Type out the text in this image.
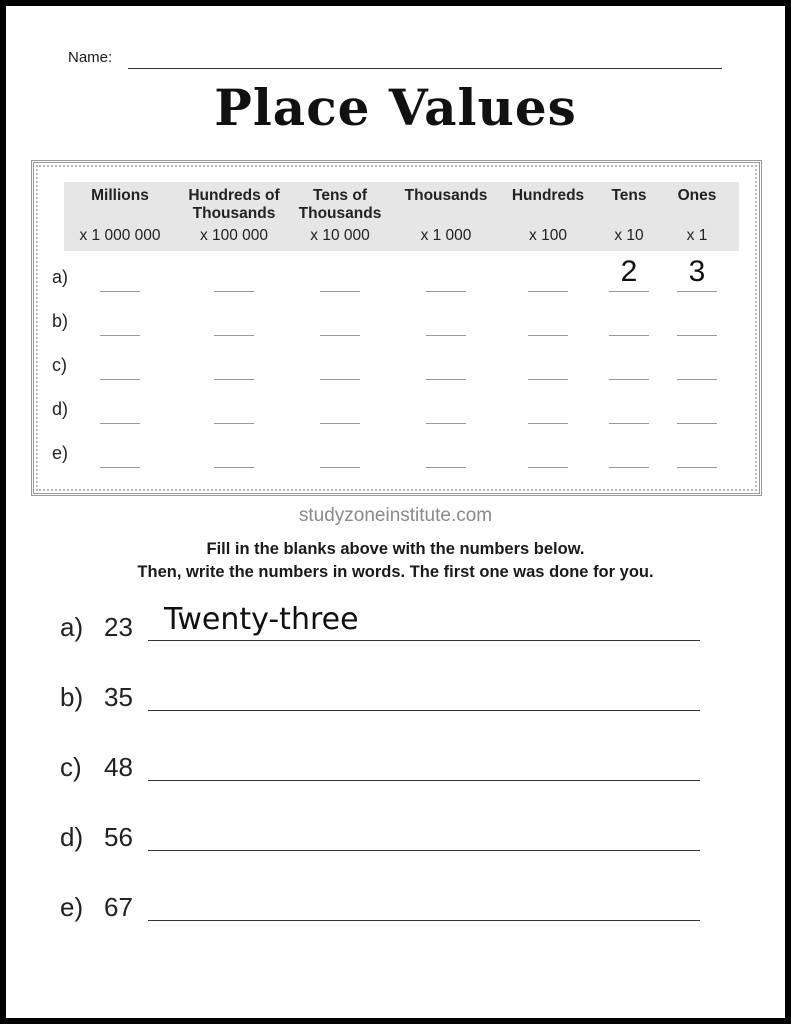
Name:
Place Values
Millions
x 1 000 000
Hundreds of Thousands
x 100 000
Tens of Thousands
x 10 000
Thousands
x 1 000
Hundreds
x 100
Tens
x 10
Ones
x 1
a)	2	3
b)
c)
d)
e)
studyzoneinstitute.com
Fill in the blanks above with the numbers below.
Then, write the numbers in words. The first one was done for you.
a) 23 Twenty-three
b) 35
c) 48
d) 56
e) 67
